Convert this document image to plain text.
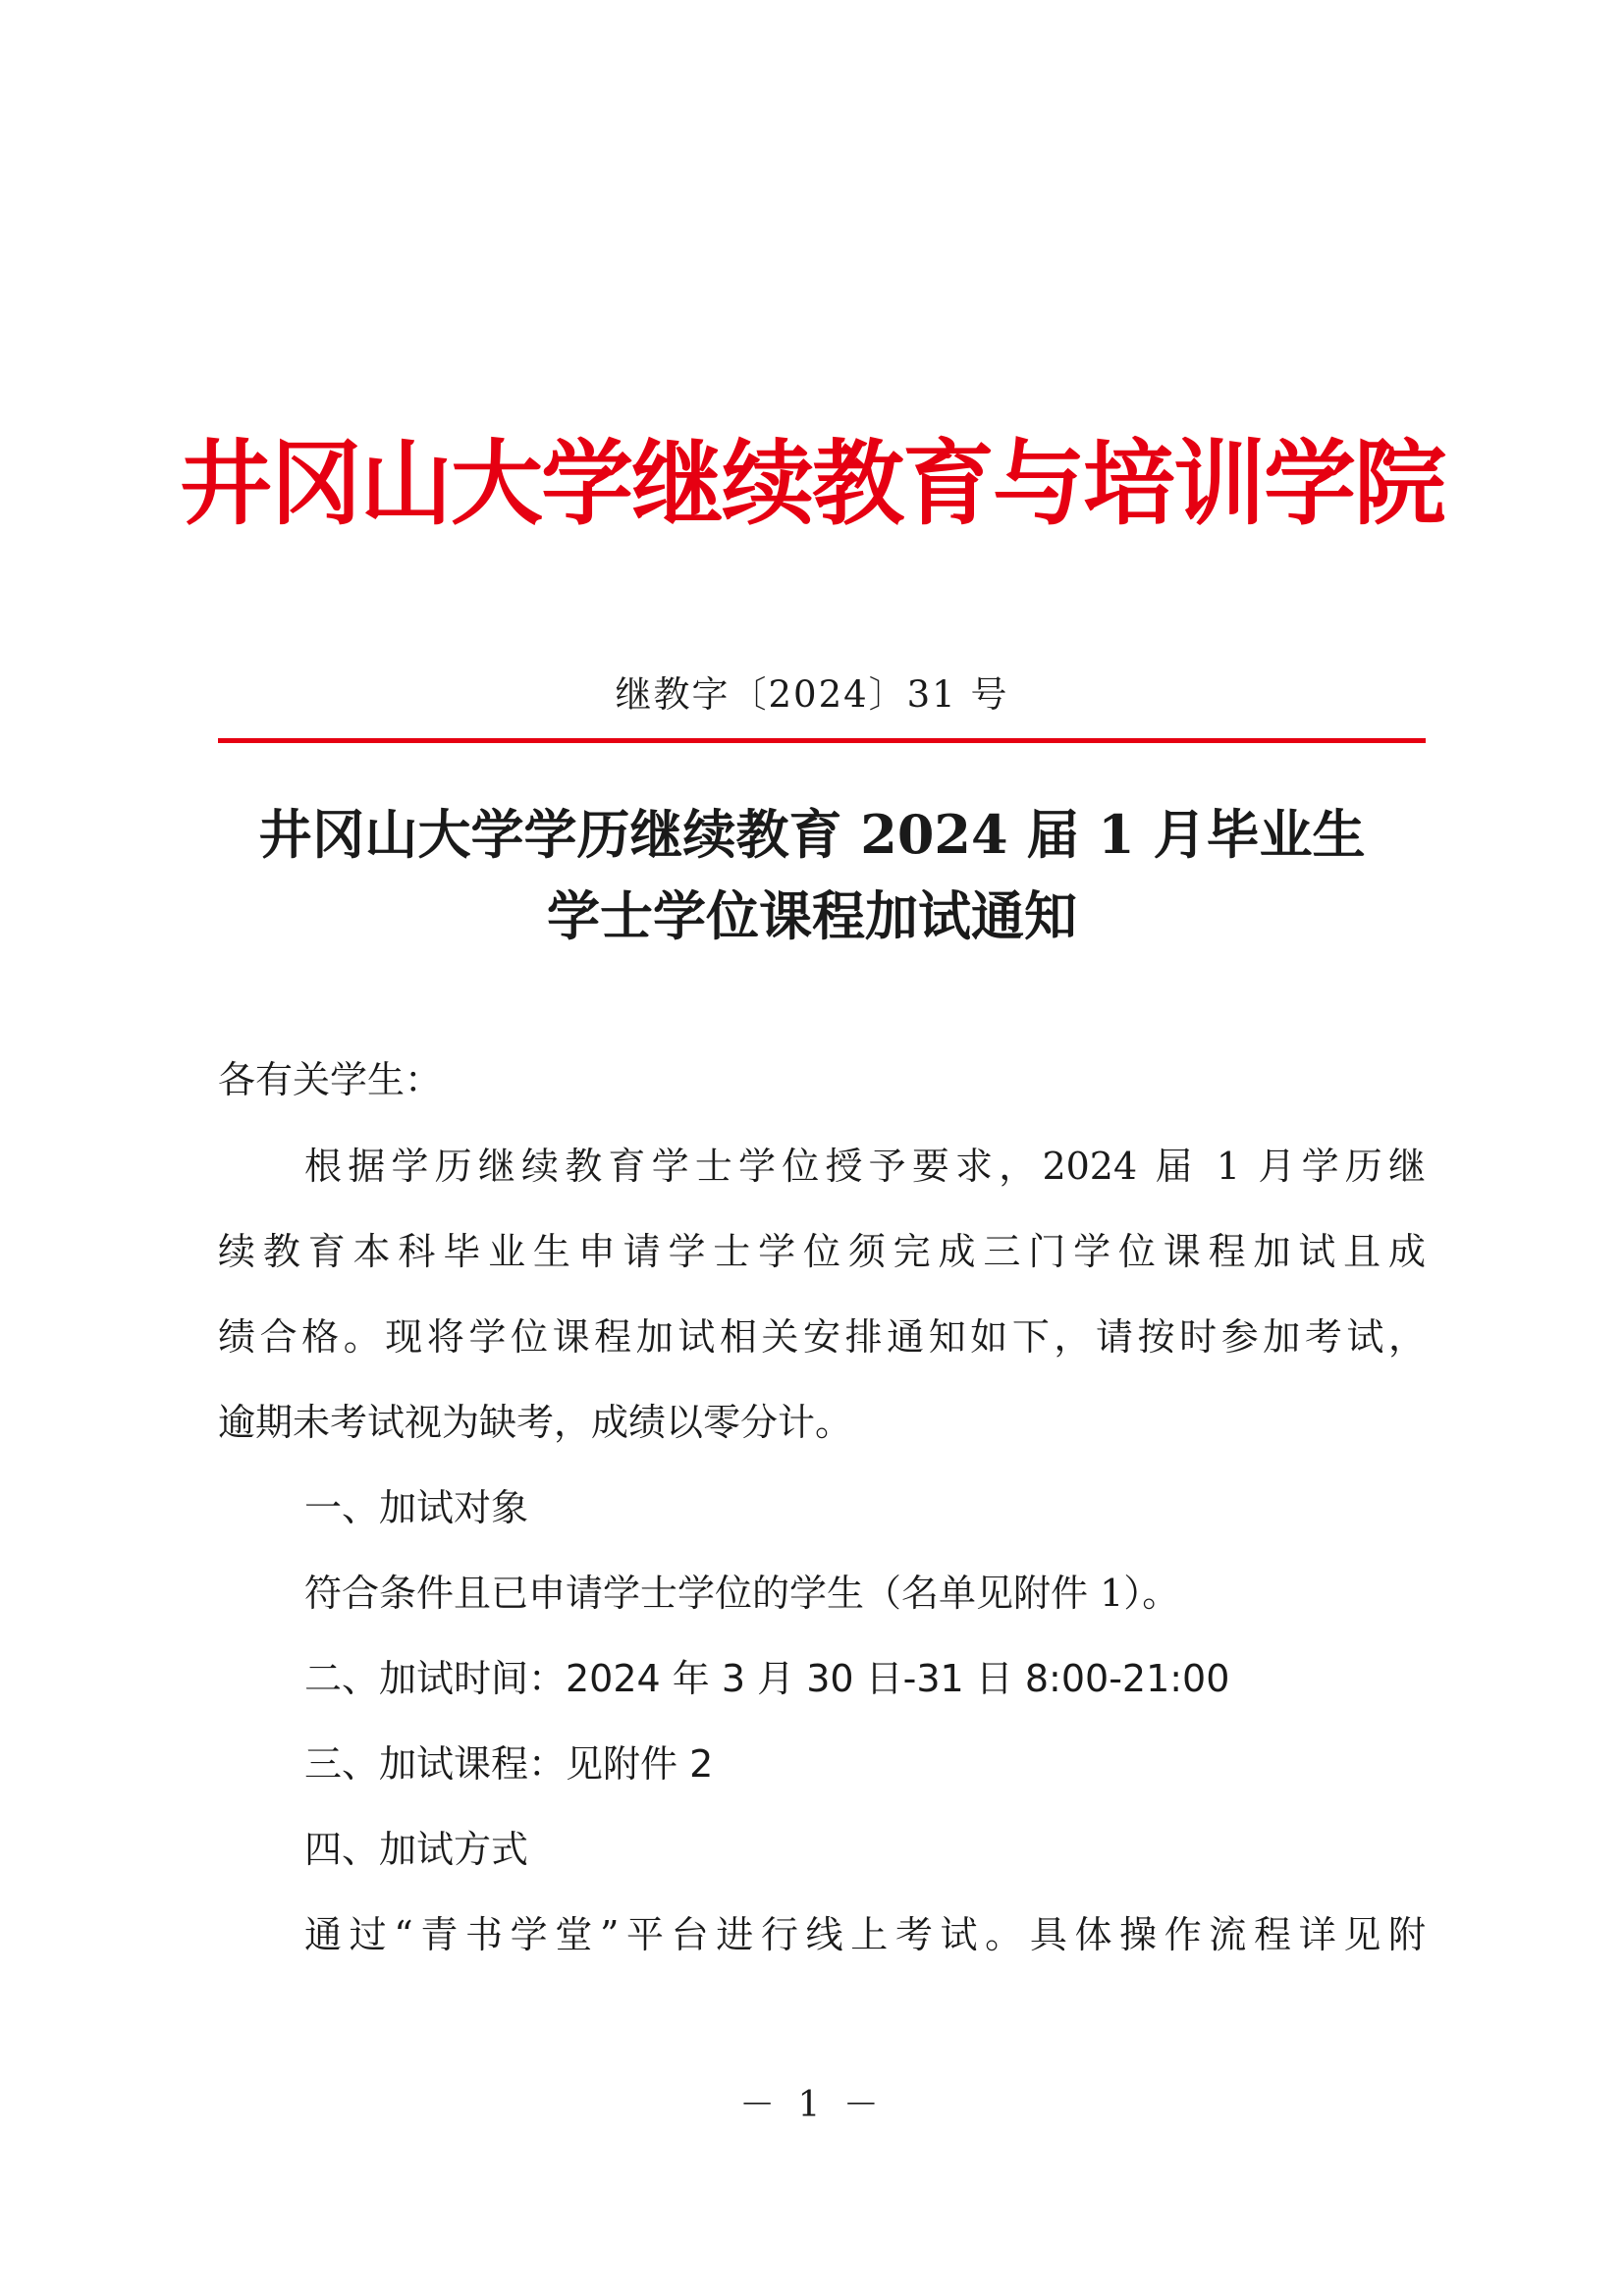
井冈山大学继续教育与培训学院
继教字〔2024〕31 号
井冈山大学学历继续教育 2024 届 1 月毕业生
学士学位课程加试通知
各有关学生：
根据学历继续教育学士学位授予要求，2024 届 1 月学历继
续教育本科毕业生申请学士学位须完成三门学位课程加试且成
绩合格。现将学位课程加试相关安排通知如下，请按时参加考试，
逾期未考试视为缺考，成绩以零分计。
一、加试对象
符合条件且已申请学士学位的学生（名单见附件 1）。
二、加试时间：2024 年 3 月 30 日-31 日 8:00-21:00
三、加试课程：见附件 2
四、加试方式
通过“青书学堂”平台进行线上考试。具体操作流程详见附
－ 1 －
